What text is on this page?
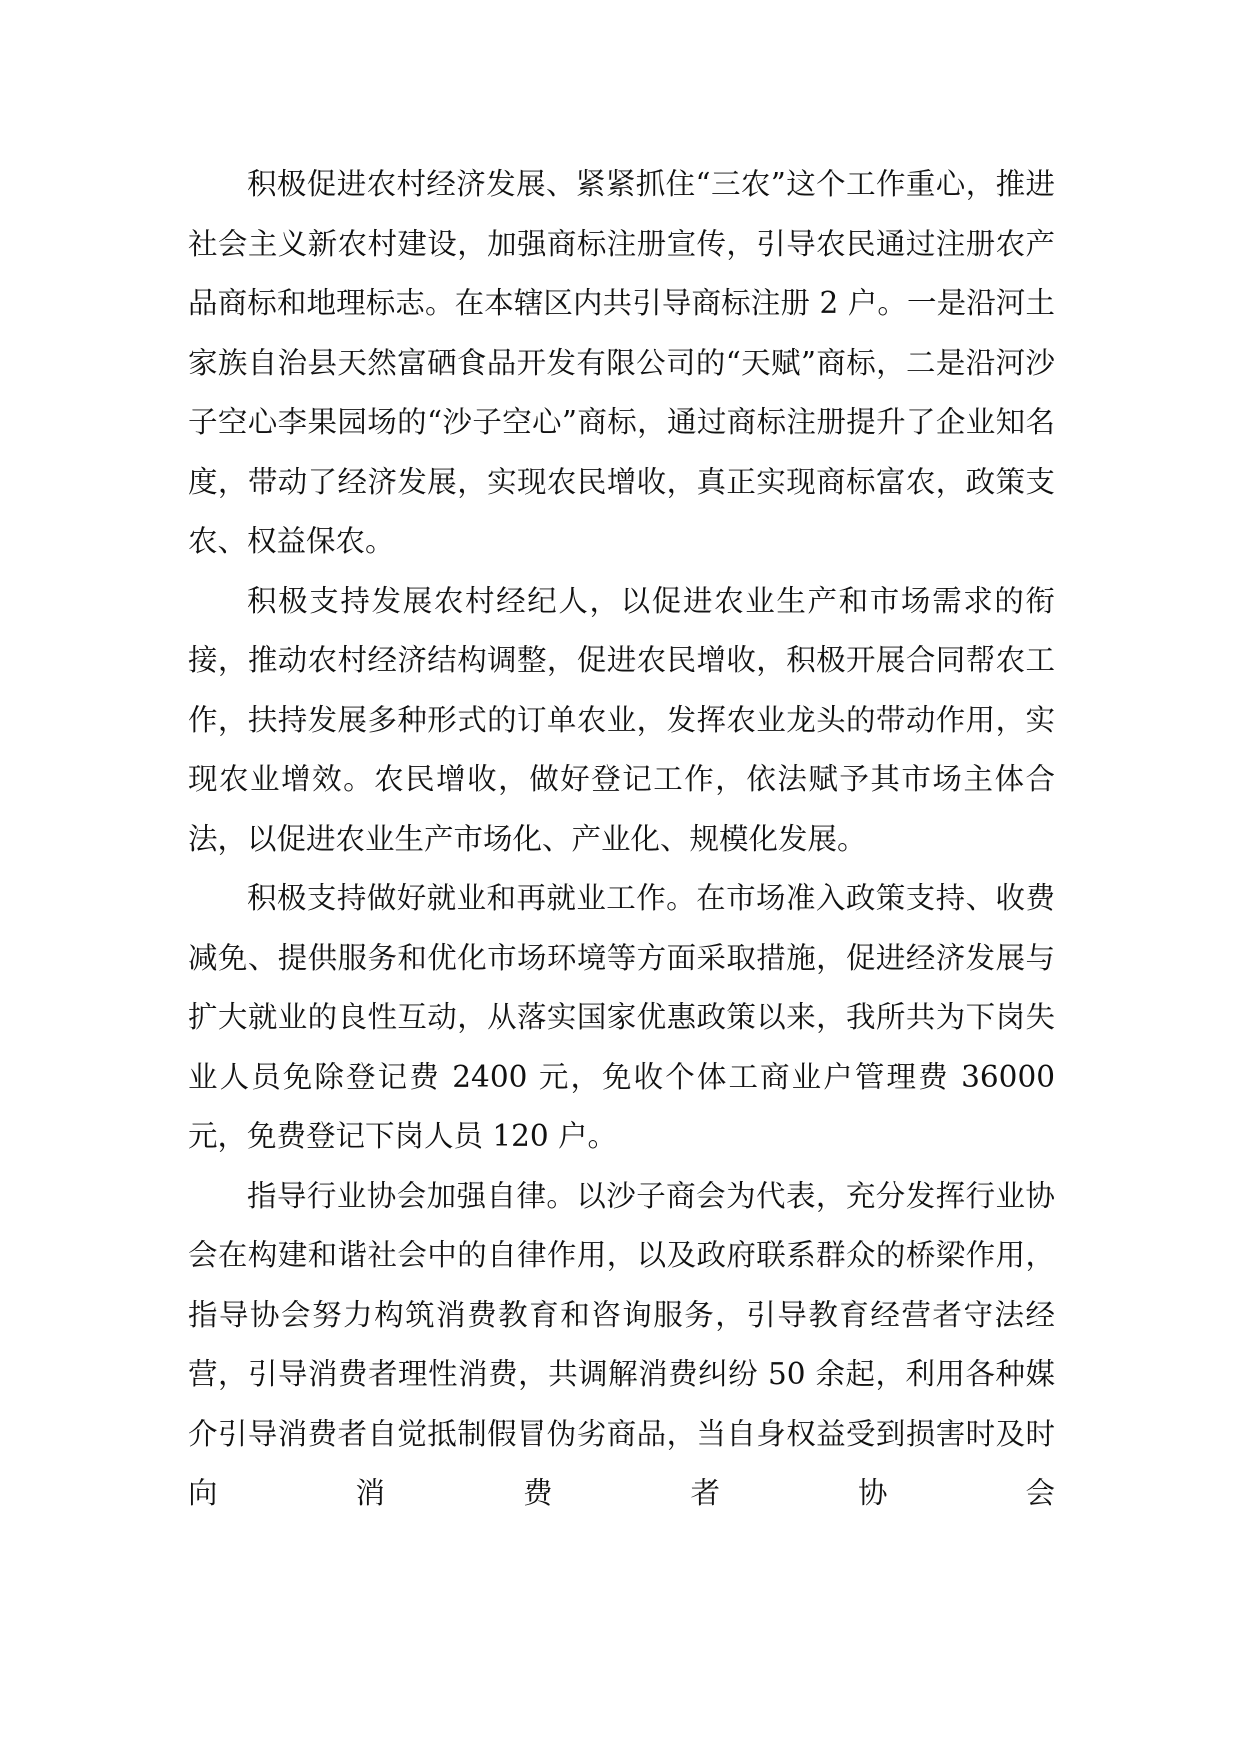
积极促进农村经济发展、紧紧抓住“三农”这个工作重心，推进社会主义新农村建设，加强商标注册宣传，引导农民通过注册农产品商标和地理标志。在本辖区内共引导商标注册 2 户。一是沿河土家族自治县天然富硒食品开发有限公司的“天赋”商标，二是沿河沙子空心李果园场的“沙子空心”商标，通过商标注册提升了企业知名度，带动了经济发展，实现农民增收，真正实现商标富农，政策支农、权益保农。

积极支持发展农村经纪人，以促进农业生产和市场需求的衔接，推动农村经济结构调整，促进农民增收，积极开展合同帮农工作，扶持发展多种形式的订单农业，发挥农业龙头的带动作用，实现农业增效。农民增收，做好登记工作，依法赋予其市场主体合法，以促进农业生产市场化、产业化、规模化发展。

积极支持做好就业和再就业工作。在市场准入政策支持、收费减免、提供服务和优化市场环境等方面采取措施，促进经济发展与扩大就业的良性互动，从落实国家优惠政策以来，我所共为下岗失业人员免除登记费 2400 元，免收个体工商业户管理费 36000 元，免费登记下岗人员 120 户。

指导行业协会加强自律。以沙子商会为代表，充分发挥行业协会在构建和谐社会中的自律作用，以及政府联系群众的桥梁作用，指导协会努力构筑消费教育和咨询服务，引导教育经营者守法经营，引导消费者理性消费，共调解消费纠纷 50 余起，利用各种媒介引导消费者自觉抵制假冒伪劣商品，当自身权益受到损害时及时向消费者协会
